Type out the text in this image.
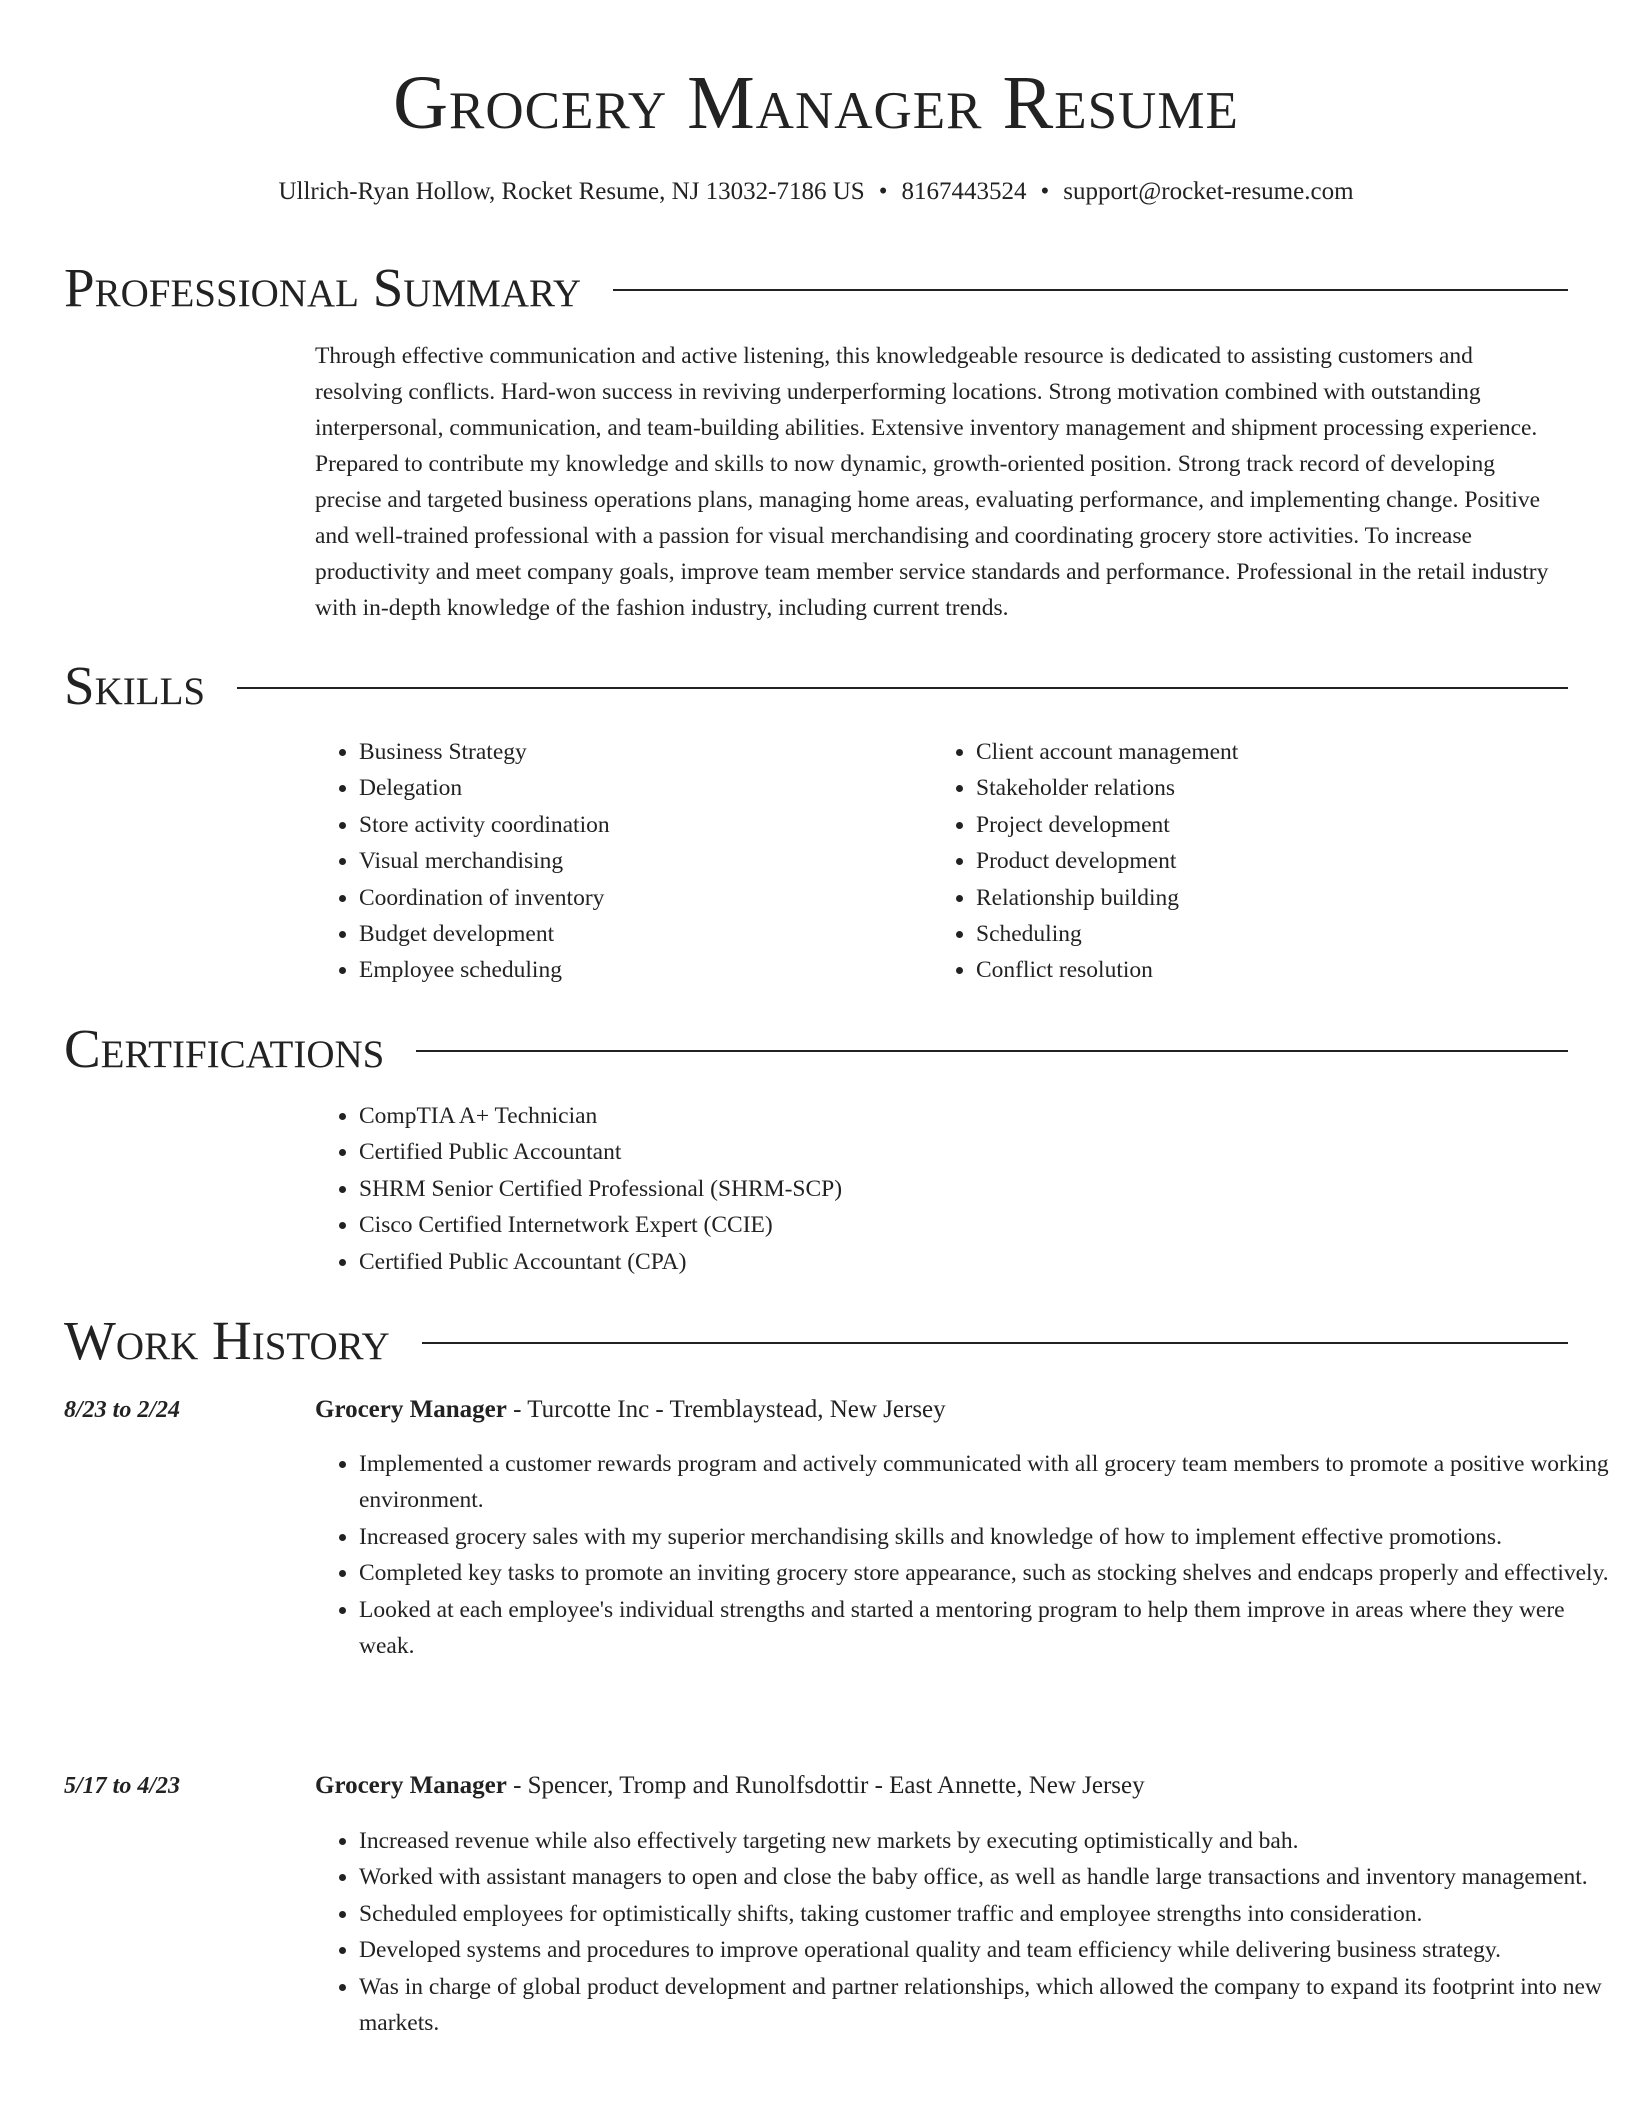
Grocery Manager Resume
Ullrich-Ryan Hollow, Rocket Resume, NJ 13032-7186 US • 8167443524 • support@rocket-resume.com
Professional Summary

Through effective communication and active listening, this knowledgeable resource is dedicated to assisting customers and resolving conflicts. Hard-won success in reviving underperforming locations. Strong motivation combined with outstanding interpersonal, communication, and team-building abilities. Extensive inventory management and shipment processing experience. Prepared to contribute my knowledge and skills to now dynamic, growth-oriented position. Strong track record of developing precise and targeted business operations plans, managing home areas, evaluating performance, and implementing change. Positive and well-trained professional with a passion for visual merchandising and coordinating grocery store activities. To increase productivity and meet company goals, improve team member service standards and performance. Professional in the retail industry with in-depth knowledge of the fashion industry, including current trends.

Skills
• Business Strategy
• Delegation
• Store activity coordination
• Visual merchandising
• Coordination of inventory
• Budget development
• Employee scheduling
• Client account management
• Stakeholder relations
• Project development
• Product development
• Relationship building
• Scheduling
• Conflict resolution
Certifications
• CompTIA A+ Technician
• Certified Public Accountant
• SHRM Senior Certified Professional (SHRM-SCP)
• Cisco Certified Internetwork Expert (CCIE)
• Certified Public Accountant (CPA)
Work History
8/23 to 2/24	Grocery Manager - Turcotte Inc - Tremblaystead, New Jersey
• Implemented a customer rewards program and actively communicated with all grocery team members to promote a positive working environment.
• Increased grocery sales with my superior merchandising skills and knowledge of how to implement effective promotions.
• Completed key tasks to promote an inviting grocery store appearance, such as stocking shelves and endcaps properly and effectively.
• Looked at each employee's individual strengths and started a mentoring program to help them improve in areas where they were weak.
5/17 to 4/23	Grocery Manager - Spencer, Tromp and Runolfsdottir - East Annette, New Jersey
• Increased revenue while also effectively targeting new markets by executing optimistically and bah.
• Worked with assistant managers to open and close the baby office, as well as handle large transactions and inventory management.
• Scheduled employees for optimistically shifts, taking customer traffic and employee strengths into consideration.
• Developed systems and procedures to improve operational quality and team efficiency while delivering business strategy.
• Was in charge of global product development and partner relationships, which allowed the company to expand its footprint into new markets.
